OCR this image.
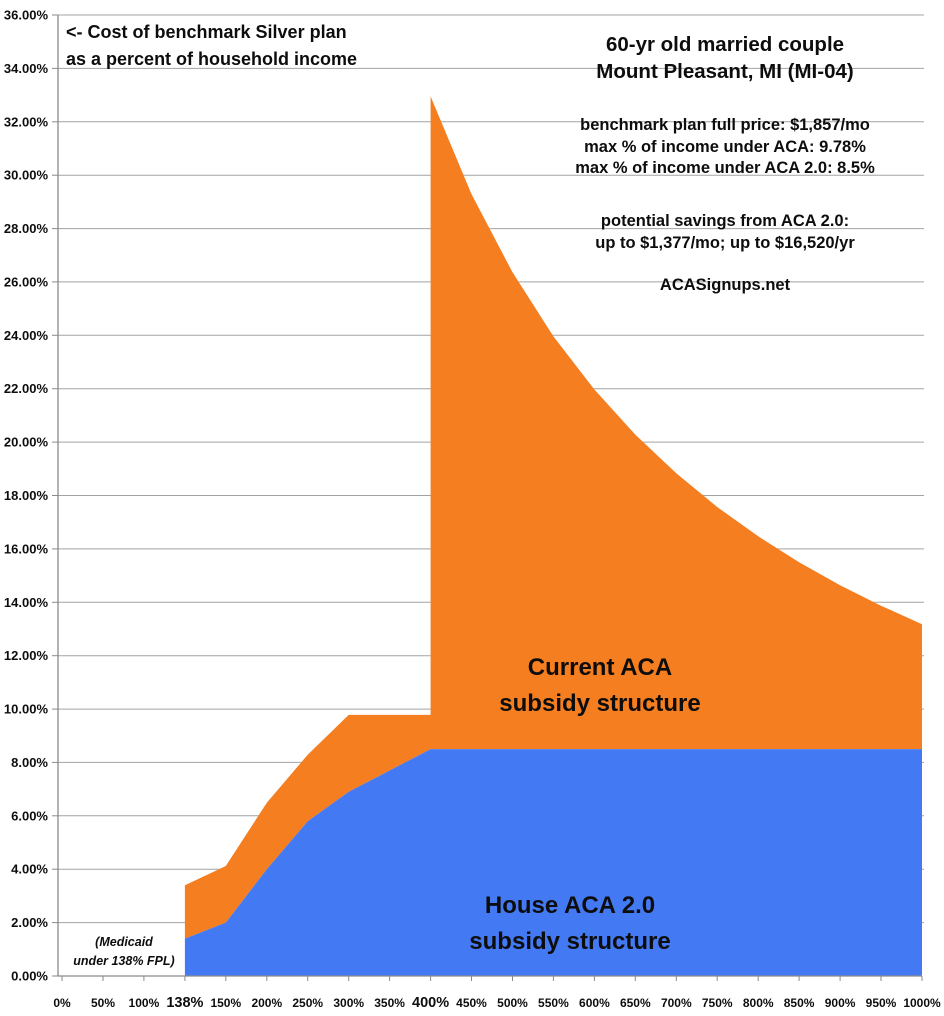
36.00%
34.00%
32.00%
30.00%
28.00%
26.00%
24.00%
22.00%
20.00%
18.00%
16.00%
14.00%
12.00%
10.00%
8.00%
6.00%
4.00%
2.00%
0.00%
0% 50% 100% 138% 150% 200% 250% 300% 350% 400% 450% 500% 550% 600% 650% 700% 750% 800% 850% 900% 950% 1000%
<- Cost of benchmark Silver plan
as a percent of household income
60-yr old married couple
Mount Pleasant, MI (MI-04)
benchmark plan full price: $1,857/mo
max % of income under ACA: 9.78%
max % of income under ACA 2.0: 8.5%
potential savings from ACA 2.0:
up to $1,377/mo; up to $16,520/yr
ACASignups.net
Current ACA
subsidy structure
House ACA 2.0
subsidy structure
(Medicaid
under 138% FPL)
